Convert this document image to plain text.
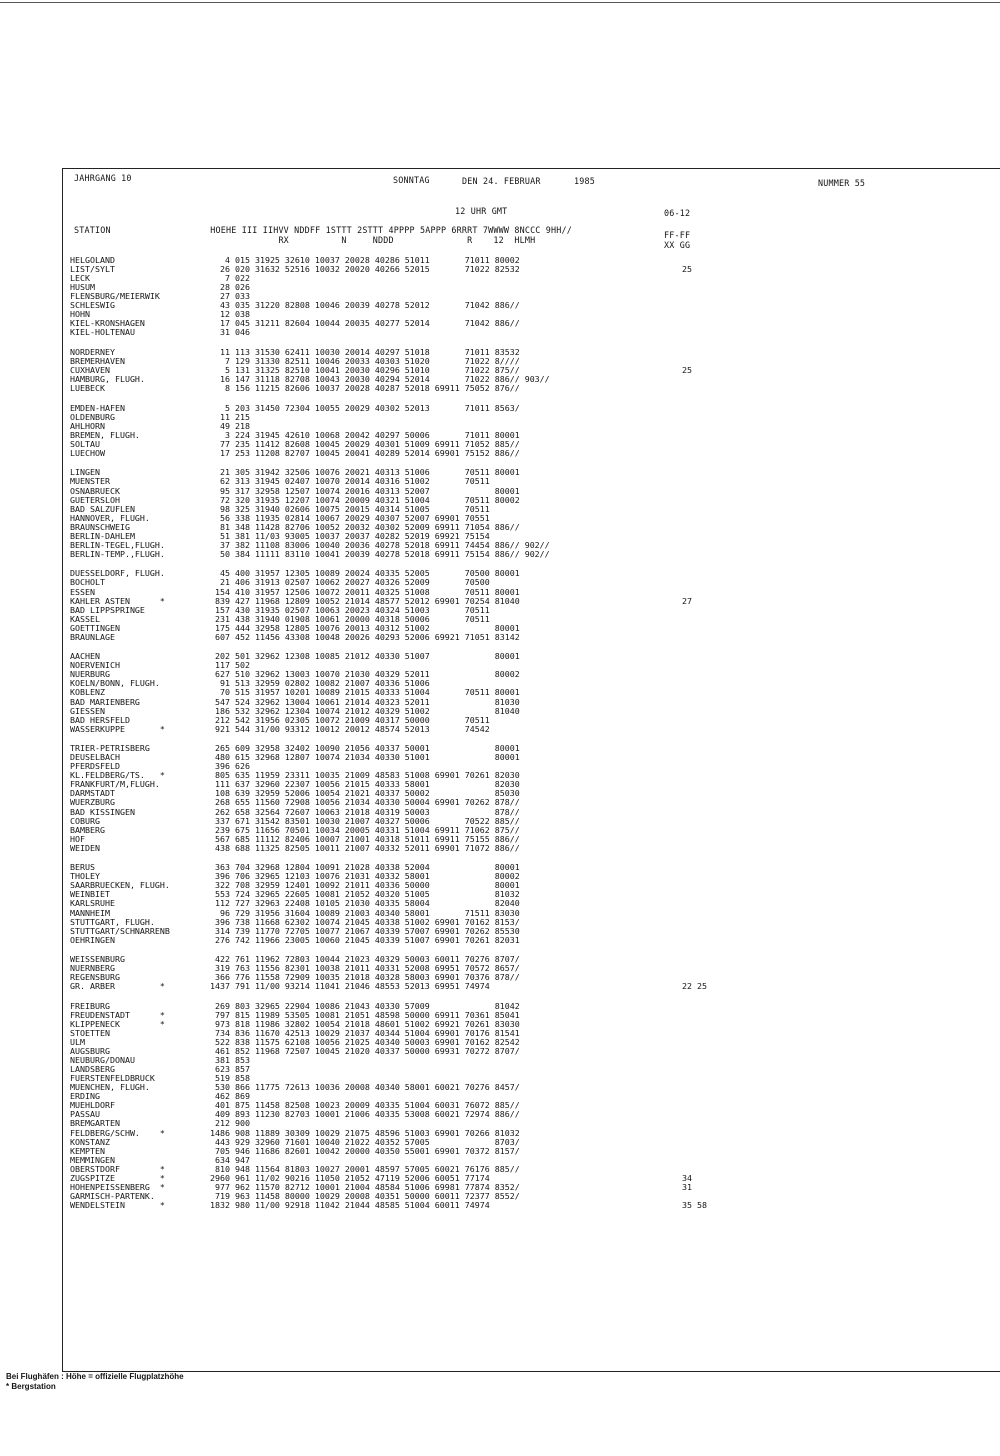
JAHRGANG 10	SONNTAG	DEN 24. FEBRUAR	1985	NUMMER 55
12 UHR GMT	06-12
STATION                   HOEHE III IIHVV NDDFF 1STTT 2STTT 4PPPP 5APPP 6RRRT 7WWWW 8NCCC 9HH//
RX          N     NDDD              R    12  HLMH	FF-FF
XX GG
HELGOLAND	4 015 31925 32610 10037 20028 40286 51011       71011 80002
LIST/SYLT	26 020 31632 52516 10032 20020 40266 52015       71022 82532	25
LECK	7 022
HUSUM	28 026
FLENSBURG/MEIERWIK	27 033
SCHLESWIG	43 035 31220 82808 10046 20039 40278 52012       71042 886//
HOHN	12 038
KIEL-KRONSHAGEN	17 045 31211 82604 10044 20035 40277 52014       71042 886//
KIEL-HOLTENAU	31 046
NORDERNEY	11 113 31530 62411 10030 20014 40297 51018       71011 83532
BREMERHAVEN	7 129 31330 82511 10046 20033 40303 51020       71022 8////
CUXHAVEN	5 131 31325 82510 10041 20030 40296 51010       71022 875//	25
HAMBURG, FLUGH.	16 147 31118 82708 10043 20030 40294 52014       71022 886// 903//
LUEBECK	8 156 11215 82606 10037 20028 40287 52018 69911 75052 876//
EMDEN-HAFEN	5 203 31450 72304 10055 20029 40302 52013       71011 8563/
OLDENBURG	11 215
AHLHORN	49 218
BREMEN, FLUGH.	3 224 31945 42610 10068 20042 40297 50006       71011 80001
SOLTAU	77 235 11412 82608 10045 20029 40301 51009 69911 71052 885//
LUECHOW	17 253 11208 82707 10045 20041 40289 52014 69901 75152 886//
LINGEN	21 305 31942 32506 10076 20021 40313 51006       70511 80001
MUENSTER	62 313 31945 02407 10070 20014 40316 51002       70511
OSNABRUECK	95 317 32958 12507 10074 20016 40313 52007             80001
GUETERSLOH	72 320 31935 12207 10074 20009 40321 51004       70511 80002
BAD SALZUFLEN	98 325 31940 02606 10075 20015 40314 51005       70511
HANNOVER, FLUGH.	56 338 11935 02814 10067 20029 40307 52007 69901 70551
BRAUNSCHWEIG	81 348 11428 82706 10052 20032 40302 52009 69911 71054 886//
BERLIN-DAHLEM	51 381 11/03 93005 10037 20037 40282 52019 69921 75154
BERLIN-TEGEL,FLUGH.	37 382 11108 83006 10040 20036 40278 52018 69911 74454 886// 902//
BERLIN-TEMP.,FLUGH.	50 384 11111 83110 10041 20039 40278 52018 69911 75154 886// 902//
DUESSELDORF, FLUGH.	45 400 31957 12305 10089 20024 40335 52005       70500 80001
BOCHOLT	21 406 31913 02507 10062 20027 40326 52009       70500
ESSEN	154 410 31957 12506 10072 20011 40325 51008       70511 80001
KAHLER ASTEN      *	839 427 11968 12809 10052 21014 48577 52012 69901 70254 81040	27
BAD LIPPSPRINGE	157 430 31935 02507 10063 20023 40324 51003       70511
KASSEL	231 438 31940 01908 10061 20000 40318 50006       70511
GOETTINGEN	175 444 32958 12805 10076 20013 40312 51002             80001
BRAUNLAGE	607 452 11456 43308 10048 20026 40293 52006 69921 71051 83142
AACHEN	202 501 32962 12308 10085 21012 40330 51007             80001
NOERVENICH	117 502
NUERBURG	627 510 32962 13003 10070 21030 40329 52011             80002
KOELN/BONN, FLUGH.	91 513 32959 02802 10082 21007 40336 51006
KOBLENZ	70 515 31957 10201 10089 21015 40333 51004       70511 80001
BAD MARIENBERG	547 524 32962 13004 10061 21014 40323 52011             81030
GIESSEN	186 532 32962 12304 10074 21012 40329 51002             81040
BAD HERSFELD	212 542 31956 02305 10072 21009 40317 50000       70511
WASSERKUPPE       *	921 544 31/00 93312 10012 20012 48574 52013       74542
TRIER-PETRISBERG	265 609 32958 32402 10090 21056 40337 50001             80001
DEUSELBACH	480 615 32968 12807 10074 21034 40330 51001             80001
PFERDSFELD	396 626
KL.FELDBERG/TS.   *	805 635 11959 23311 10035 21009 48583 51008 69901 70261 82030
FRANKFURT/M,FLUGH.	111 637 32960 22307 10056 21015 40333 58001             82030
DARMSTADT	108 639 32959 52006 10054 21021 40337 50002             85030
WUERZBURG	268 655 11560 72908 10056 21034 40330 50004 69901 70262 878//
BAD KISSINGEN	262 658 32564 72607 10063 21018 40319 50003             878//
COBURG	337 671 31542 83501 10030 21007 40327 50006       70522 885//
BAMBERG	239 675 11656 70501 10034 20005 40331 51004 69911 71062 875//
HOF	567 685 11112 82406 10007 21001 40318 51011 69911 75155 886//
WEIDEN	438 688 11325 82505 10011 21007 40332 52011 69901 71072 886//
BERUS	363 704 32968 12804 10091 21028 40338 52004             80001
THOLEY	396 706 32965 12103 10076 21031 40332 58001             80002
SAARBRUECKEN, FLUGH.	322 708 32959 12401 10092 21011 40336 50000             80001
WEINBIET	553 724 32965 22605 10081 21052 40320 51005             81032
KARLSRUHE	112 727 32963 22408 10105 21030 40335 58004             82040
MANNHEIM	96 729 31956 31604 10089 21003 40340 58001       71511 83030
STUTTGART, FLUGH.	396 738 11668 62302 10074 21045 40338 51002 69901 70162 8153/
STUTTGART/SCHNARRENB	314 739 11770 72705 10077 21067 40339 57007 69901 70262 85530
OEHRINGEN	276 742 11966 23005 10060 21045 40339 51007 69901 70261 82031
WEISSENBURG	422 761 11962 72803 10044 21023 40329 50003 60011 70276 8707/
NUERNBERG	319 763 11556 82301 10038 21011 40331 52008 69951 70572 8657/
REGENSBURG	366 776 11558 72909 10035 21018 40328 58003 69901 70376 878//
GR. ARBER         *	1437 791 11/00 93214 11041 21046 48553 52013 69951 74974	22 25
FREIBURG	269 803 32965 22904 10086 21043 40330 57009             81042
FREUDENSTADT      *	797 815 11989 53505 10081 21051 48598 50000 69911 70361 85041
KLIPPENECK        *	973 818 11986 32802 10054 21018 48601 51002 69921 70261 83030
STOETTEN	734 836 11670 42513 10029 21037 40344 51004 69901 70176 81541
ULM	522 838 11575 62108 10056 21025 40340 50003 69901 70162 82542
AUGSBURG	461 852 11968 72507 10045 21020 40337 50000 69931 70272 8707/
NEUBURG/DONAU	381 853
LANDSBERG	623 857
FUERSTENFELDBRUCK	519 858
MUENCHEN, FLUGH.	530 866 11775 72613 10036 20008 40340 58001 60021 70276 8457/
ERDING	462 869
MUEHLDORF	401 875 11458 82508 10023 20009 40335 51004 60031 76072 885//
PASSAU	409 893 11230 82703 10001 21006 40335 53008 60021 72974 886//
BREMGARTEN	212 900
FELDBERG/SCHW.    *	1486 908 11889 30309 10029 21075 48596 51003 69901 70266 81032
KONSTANZ	443 929 32960 71601 10040 21022 40352 57005             8703/
KEMPTEN	705 946 11686 82601 10042 20000 40350 55001 69901 70372 8157/
MEMMINGEN	634 947
OBERSTDORF        *	810 948 11564 81803 10027 20001 48597 57005 60021 76176 885//
ZUGSPITZE         *	2960 961 11/02 90216 11050 21052 47119 52006 60051 77174	34
HOHENPEISSENBERG  *	977 962 11570 82712 10001 21004 48584 51006 69981 77874 8352/	31
GARMISCH-PARTENK.	719 963 11458 80000 10029 20008 40351 50000 60011 72377 8552/
WENDELSTEIN       *	1832 980 11/00 92918 11042 21044 48585 51004 60011 74974	35 58
Bei Flughäfen : Höhe = offizielle Flugplatzhöhe
* Bergstation
